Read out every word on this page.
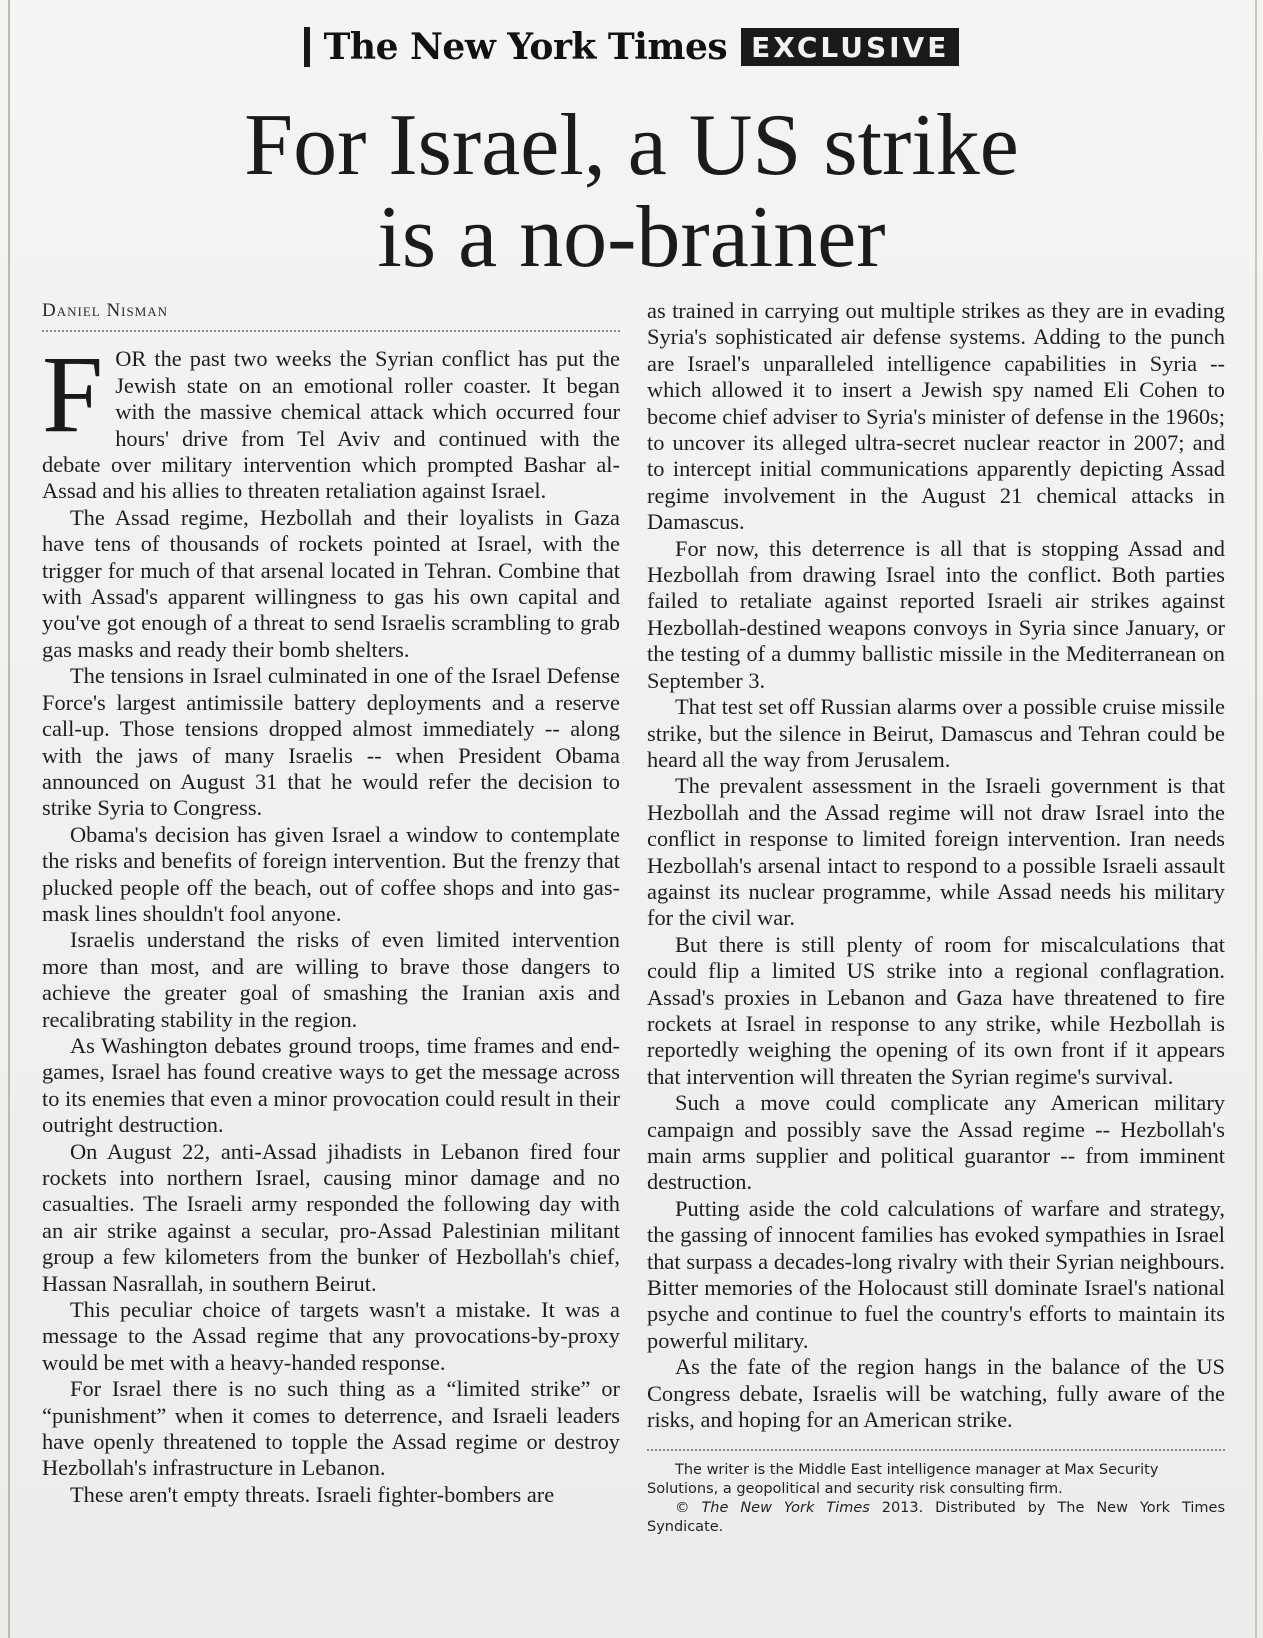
The New York Times EXCLUSIVE
For Israel, a US strike
is a no-brainer
Daniel Nisman

FOR the past two weeks the Syrian conflict has put the Jewish state on an emotional roller coaster. It began with the massive chemical attack which occurred four hours' drive from Tel Aviv and continued with the debate over military intervention which prompted Bashar al-Assad and his allies to threaten retaliation against Israel.

The Assad regime, Hezbollah and their loyalists in Gaza have tens of thousands of rockets pointed at Israel, with the trigger for much of that arsenal located in Tehran. Combine that with Assad's apparent willingness to gas his own capital and you've got enough of a threat to send Israelis scrambling to grab gas masks and ready their bomb shelters.

The tensions in Israel culminated in one of the Israel Defense Force's largest antimissile battery deployments and a reserve call-up. Those tensions dropped almost immediately -- along with the jaws of many Israelis -- when President Obama announced on August 31 that he would refer the decision to strike Syria to Congress.

Obama's decision has given Israel a window to contemplate the risks and benefits of foreign intervention. But the frenzy that plucked people off the beach, out of coffee shops and into gas-mask lines shouldn't fool anyone.

Israelis understand the risks of even limited intervention more than most, and are willing to brave those dangers to achieve the greater goal of smashing the Iranian axis and recalibrating stability in the region.

As Washington debates ground troops, time frames and end-games, Israel has found creative ways to get the message across to its enemies that even a minor provocation could result in their outright destruction.

On August 22, anti-Assad jihadists in Lebanon fired four rockets into northern Israel, causing minor damage and no casualties. The Israeli army responded the following day with an air strike against a secular, pro-Assad Palestinian militant group a few kilometers from the bunker of Hezbollah's chief, Hassan Nasrallah, in southern Beirut.

This peculiar choice of targets wasn't a mistake. It was a message to the Assad regime that any provocations-by-proxy would be met with a heavy-handed response.

For Israel there is no such thing as a “limited strike” or “punishment” when it comes to deterrence, and Israeli leaders have openly threatened to topple the Assad regime or destroy Hezbollah's infrastructure in Lebanon.

These aren't empty threats. Israeli fighter-bombers are

as trained in carrying out multiple strikes as they are in evading Syria's sophisticated air defense systems. Adding to the punch are Israel's unparalleled intelligence capabilities in Syria -- which allowed it to insert a Jewish spy named Eli Cohen to become chief adviser to Syria's minister of defense in the 1960s; to uncover its alleged ultra-secret nuclear reactor in 2007; and to intercept initial communications apparently depicting Assad regime involvement in the August 21 chemical attacks in Damascus.

For now, this deterrence is all that is stopping Assad and Hezbollah from drawing Israel into the conflict. Both parties failed to retaliate against reported Israeli air strikes against Hezbollah-destined weapons convoys in Syria since January, or the testing of a dummy ballistic missile in the Mediterranean on September 3.

That test set off Russian alarms over a possible cruise missile strike, but the silence in Beirut, Damascus and Tehran could be heard all the way from Jerusalem.

The prevalent assessment in the Israeli government is that Hezbollah and the Assad regime will not draw Israel into the conflict in response to limited foreign intervention. Iran needs Hezbollah's arsenal intact to respond to a possible Israeli assault against its nuclear programme, while Assad needs his military for the civil war.

But there is still plenty of room for miscalculations that could flip a limited US strike into a regional conflagration. Assad's proxies in Lebanon and Gaza have threatened to fire rockets at Israel in response to any strike, while Hezbollah is reportedly weighing the opening of its own front if it appears that intervention will threaten the Syrian regime's survival.

Such a move could complicate any American military campaign and possibly save the Assad regime -- Hezbollah's main arms supplier and political guarantor -- from imminent destruction.

Putting aside the cold calculations of warfare and strategy, the gassing of innocent families has evoked sympathies in Israel that surpass a decades-long rivalry with their Syrian neighbours. Bitter memories of the Holocaust still dominate Israel's national psyche and continue to fuel the country's efforts to maintain its powerful military.

As the fate of the region hangs in the balance of the US Congress debate, Israelis will be watching, fully aware of the risks, and hoping for an American strike.

The writer is the Middle East intelligence manager at Max Security Solutions, a geopolitical and security risk consulting firm.

© The New York Times 2013. Distributed by The New York Times Syndicate.
